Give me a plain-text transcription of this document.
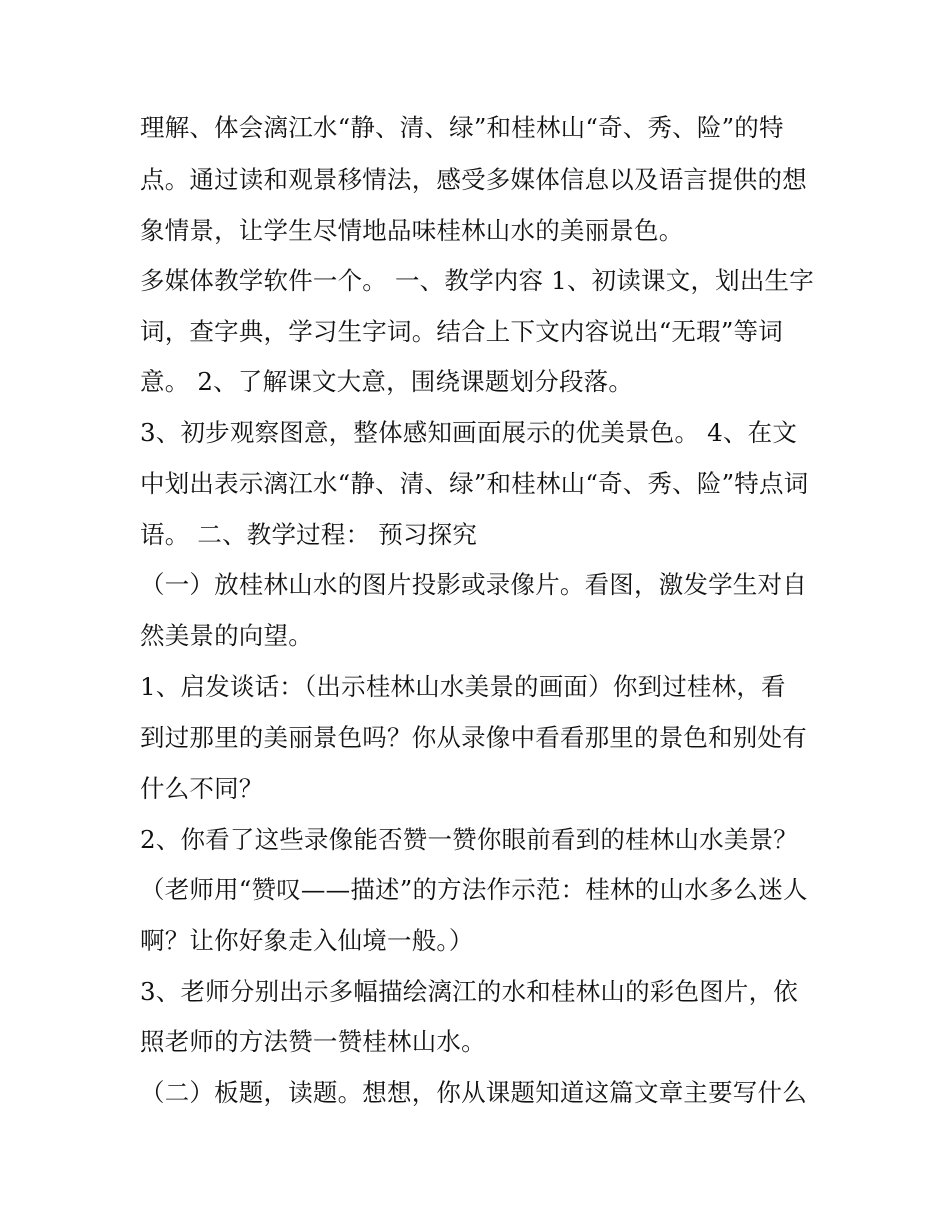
理解、体会漓江水“静、清、绿”和桂林山“奇、秀、险”的特
点。通过读和观景移情法，感受多媒体信息以及语言提供的想
象情景，让学生尽情地品味桂林山水的美丽景色。
多媒体教学软件一个。 一、教学内容 1、初读课文，划出生字
词，查字典，学习生字词。结合上下文内容说出“无瑕”等词
意。 2、了解课文大意，围绕课题划分段落。
3、初步观察图意，整体感知画面展示的优美景色。 4、在文
中划出表示漓江水“静、清、绿”和桂林山“奇、秀、险”特点词
语。 二、教学过程： 预习探究
（一）放桂林山水的图片投影或录像片。看图，激发学生对自
然美景的向望。
1、启发谈话：（出示桂林山水美景的画面）你到过桂林，看
到过那里的美丽景色吗？你从录像中看看那里的景色和别处有
什么不同？
2、你看了这些录像能否赞一赞你眼前看到的桂林山水美景？
（老师用“赞叹——描述”的方法作示范：桂林的山水多么迷人
啊？让你好象走入仙境一般。）
3、老师分别出示多幅描绘漓江的水和桂林山的彩色图片，依
照老师的方法赞一赞桂林山水。
（二）板题，读题。想想，你从课题知道这篇文章主要写什么
